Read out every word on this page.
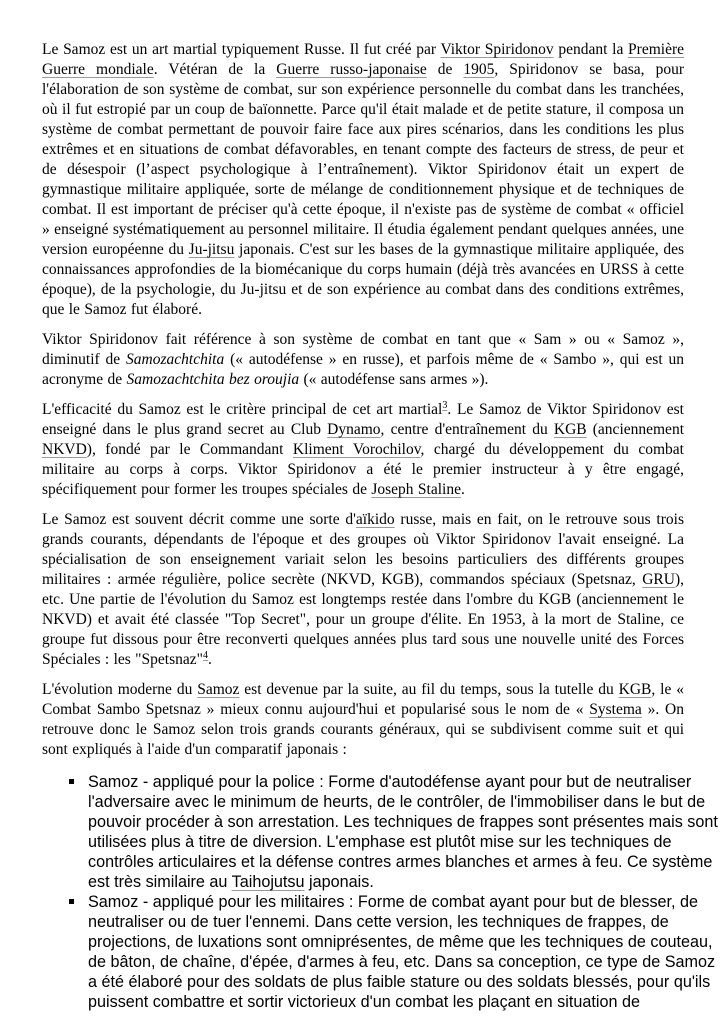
Le Samoz est un art martial typiquement Russe. Il fut créé par Viktor Spiridonov pendant la Première Guerre mondiale. Vétéran de la Guerre russo-japonaise de 1905, Spiridonov se basa, pour l'élaboration de son système de combat, sur son expérience personnelle du combat dans les tranchées, où il fut estropié par un coup de baïonnette. Parce qu'il était malade et de petite stature, il composa un système de combat permettant de pouvoir faire face aux pires scénarios, dans les conditions les plus extrêmes et en situations de combat défavorables, en tenant compte des facteurs de stress, de peur et de désespoir (l’aspect psychologique à l’entraînement). Viktor Spiridonov était un expert de gymnastique militaire appliquée, sorte de mélange de conditionnement physique et de techniques de combat. Il est important de préciser qu'à cette époque, il n'existe pas de système de combat « officiel » enseigné systématiquement au personnel militaire. Il étudia également pendant quelques années, une version européenne du Ju-jitsu japonais. C'est sur les bases de la gymnastique militaire appliquée, des connaissances approfondies de la biomécanique du corps humain (déjà très avancées en URSS à cette époque), de la psychologie, du Ju-jitsu et de son expérience au combat dans des conditions extrêmes, que le Samoz fut élaboré.

Viktor Spiridonov fait référence à son système de combat en tant que « Sam » ou « Samoz », diminutif de Samozachtchita (« autodéfense » en russe), et parfois même de « Sambo », qui est un acronyme de Samozachtchita bez oroujia (« autodéfense sans armes »).

L'efficacité du Samoz est le critère principal de cet art martial$^3$. Le Samoz de Viktor Spiridonov est enseigné dans le plus grand secret au Club Dynamo, centre d'entraînement du KGB (anciennement NKVD), fondé par le Commandant Kliment Vorochilov, chargé du développement du combat militaire au corps à corps. Viktor Spiridonov a été le premier instructeur à y être engagé, spécifiquement pour former les troupes spéciales de Joseph Staline.

Le Samoz est souvent décrit comme une sorte d'aïkido russe, mais en fait, on le retrouve sous trois grands courants, dépendants de l'époque et des groupes où Viktor Spiridonov l'avait enseigné. La spécialisation de son enseignement variait selon les besoins particuliers des différents groupes militaires : armée régulière, police secrète (NKVD, KGB), commandos spéciaux (Spetsnaz, GRU), etc. Une partie de l'évolution du Samoz est longtemps restée dans l'ombre du KGB (anciennement le NKVD) et avait été classée "Top Secret", pour un groupe d'élite. En 1953, à la mort de Staline, ce groupe fut dissous pour être reconverti quelques années plus tard sous une nouvelle unité des Forces Spéciales : les "Spetsnaz"$^4$.

L'évolution moderne du Samoz est devenue par la suite, au fil du temps, sous la tutelle du KGB, le « Combat Sambo Spetsnaz » mieux connu aujourd'hui et popularisé sous le nom de « Systema ». On retrouve donc le Samoz selon trois grands courants généraux, qui se subdivisent comme suit et qui sont expliqués à l'aide d'un comparatif japonais :

Samoz - appliqué pour la police : Forme d'autodéfense ayant pour but de neutraliser l'adversaire avec le minimum de heurts, de le contrôler, de l'immobiliser dans le but de pouvoir procéder à son arrestation. Les techniques de frappes sont présentes mais sont utilisées plus à titre de diversion. L'emphase est plutôt mise sur les techniques de contrôles articulaires et la défense contres armes blanches et armes à feu. Ce système est très similaire au Taihojutsu japonais.
Samoz - appliqué pour les militaires : Forme de combat ayant pour but de blesser, de neutraliser ou de tuer l'ennemi. Dans cette version, les techniques de frappes, de projections, de luxations sont omniprésentes, de même que les techniques de couteau, de bâton, de chaîne, d'épée, d'armes à feu, etc. Dans sa conception, ce type de Samoz a été élaboré pour des soldats de plus faible stature ou des soldats blessés, pour qu'ils puissent combattre et sortir victorieux d'un combat les plaçant en situation de
